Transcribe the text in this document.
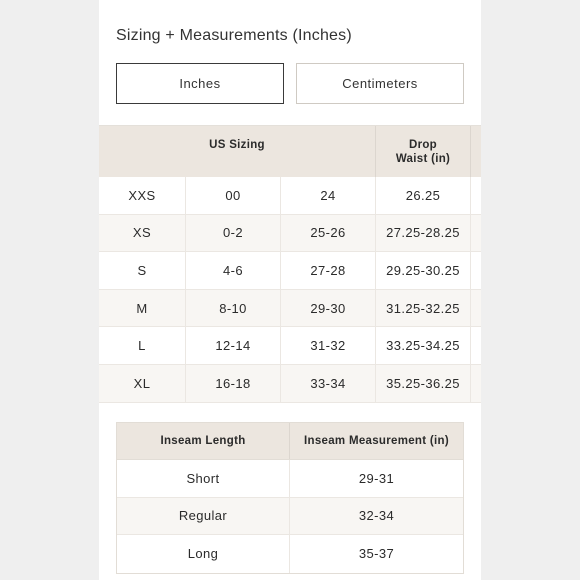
Sizing + Measurements (Inches)
Inches	Centimeters
US Sizing	Drop
Waist (in)
XXS	00	24	26.25
XS	0-2	25-26	27.25-28.25
S	4-6	27-28	29.25-30.25
M	8-10	29-30	31.25-32.25
L	12-14	31-32	33.25-34.25
XL	16-18	33-34	35.25-36.25
Inseam Length	Inseam Measurement (in)
Short	29-31
Regular	32-34
Long	35-37
